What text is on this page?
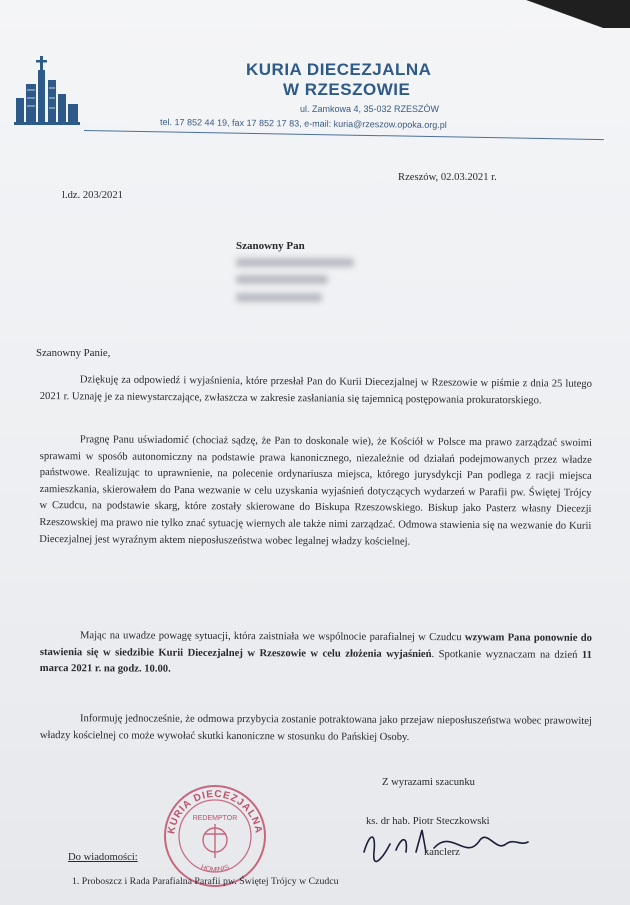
KURIA DIECEZJALNA
W RZESZOWIE
ul. Zamkowa 4, 35-032 RZESZÓW
tel. 17 852 44 19, fax 17 852 17 83, e-mail: kuria@rzeszow.opoka.org.pl
Rzeszów, 02.03.2021 r.
l.dz. 203/2021
Szanowny Pan
Szanowny Panie,
Dziękuję za odpowiedź i wyjaśnienia, które przesłał Pan do Kurii Diecezjalnej w Rzeszowie w piśmie z dnia 25 lutego 2021 r. Uznaję je za niewystarczające, zwłaszcza w zakresie zasłaniania się tajemnicą postępowania prokuratorskiego.
Pragnę Panu uświadomić (chociaż sądzę, że Pan to doskonale wie), że Kościół w Polsce ma prawo zarządzać swoimi sprawami w sposób autonomiczny na podstawie prawa kanonicznego, niezależnie od działań podejmowanych przez władze państwowe. Realizując to uprawnienie, na polecenie ordynariusza miejsca, którego jurysdykcji Pan podlega z racji miejsca zamieszkania, skierowałem do Pana wezwanie w celu uzyskania wyjaśnień dotyczących wydarzeń w Parafii pw. Świętej Trójcy w Czudcu, na podstawie skarg, które zostały skierowane do Biskupa Rzeszowskiego. Biskup jako Pasterz własny Diecezji Rzeszowskiej ma prawo nie tylko znać sytuację wiernych ale także nimi zarządzać. Odmowa stawienia się na wezwanie do Kurii Diecezjalnej jest wyraźnym aktem nieposłuszeństwa wobec legalnej władzy kościelnej.
Mając na uwadze powagę sytuacji, która zaistniała we wspólnocie parafialnej w Czudcu wzywam Pana ponownie do stawienia się w siedzibie Kurii Diecezjalnej w Rzeszowie w celu złożenia wyjaśnień. Spotkanie wyznaczam na dzień 11 marca 2021 r. na godz. 10.00.
Informuję jednocześnie, że odmowa przybycia zostanie potraktowana jako przejaw nieposłuszeństwa wobec prawowitej władzy kościelnej co może wywołać skutki kanoniczne w stosunku do Pańskiej Osoby.
Z wyrazami szacunku
KURIA DIECEZJALNA
REDEMPTOR
HOMINIS
ks. dr hab. Piotr Steczkowski
kanclerz
Do wiadomości:
1. Proboszcz i Rada Parafialna Parafii pw. Świętej Trójcy w Czudcu
